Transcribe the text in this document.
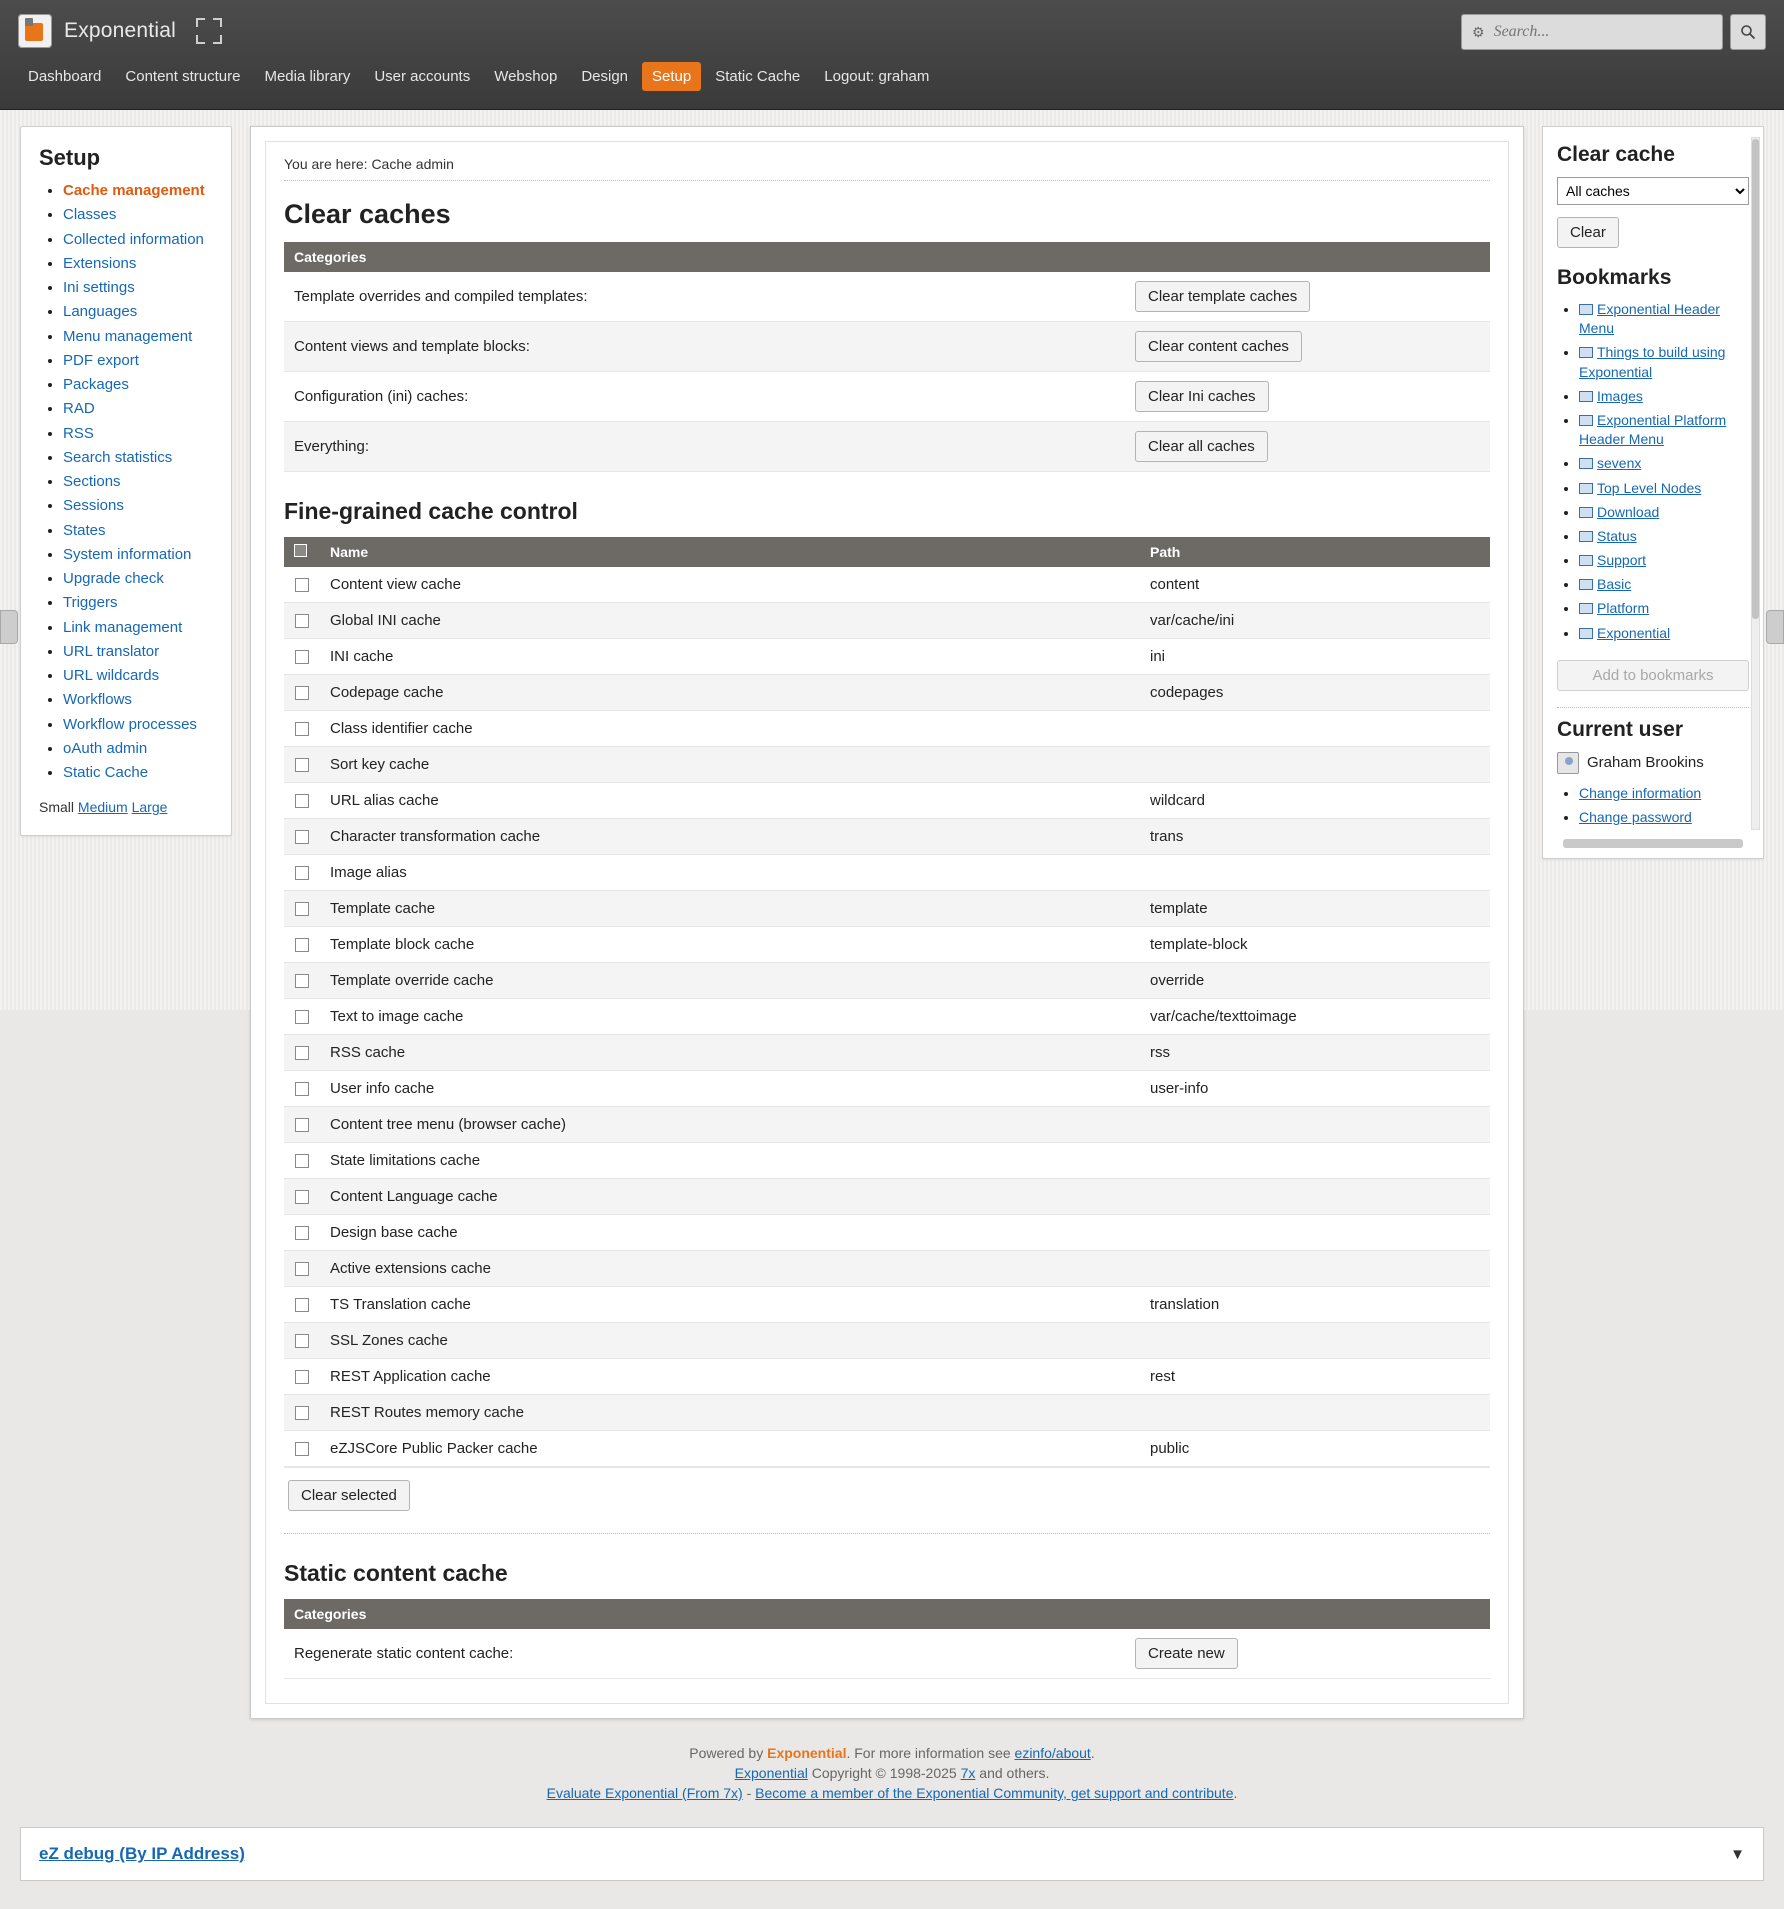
Exponential	⚙
Search...
Dashboard	Content structure	Media library	User accounts	Webshop	Design	Setup	Static Cache	Logout: graham
Setup
• Cache management
• Classes
• Collected information
• Extensions
• Ini settings
• Languages
• Menu management
• PDF export
• Packages
• RAD
• RSS
• Search statistics
• Sections
• Sessions
• States
• System information
• Upgrade check
• Triggers
• Link management
• URL translator
• URL wildcards
• Workflows
• Workflow processes
• oAuth admin
• Static Cache
Small Medium Large
You are here: Cache admin
Clear caches
Categories	
Template overrides and compiled templates:	Clear template caches
Content views and template blocks:	Clear content caches
Configuration (ini) caches:	Clear Ini caches
Everything:	Clear all caches
Fine-grained cache control
	Name	Path
	Content view cache	content
	Global INI cache	var/cache/ini
	INI cache	ini
	Codepage cache	codepages
	Class identifier cache	
	Sort key cache	
	URL alias cache	wildcard
	Character transformation cache	trans
	Image alias	
	Template cache	template
	Template block cache	template-block
	Template override cache	override
	Text to image cache	var/cache/texttoimage
	RSS cache	rss
	User info cache	user-info
	Content tree menu (browser cache)	
	State limitations cache	
	Content Language cache	
	Design base cache	
	Active extensions cache	
	TS Translation cache	translation
	SSL Zones cache	
	REST Application cache	rest
	REST Routes memory cache	
	eZJSCore Public Packer cache	public
Clear selected
Static content cache
Categories	
Regenerate static content cache:	Create new
Clear cache
All caches Clear
Bookmarks
• Exponential Header Menu
• Things to build using Exponential
• Images
• Exponential Platform Header Menu
• sevenx
• Top Level Nodes
• Download
• Status
• Support
• Basic
• Platform
• Exponential
Add to bookmarks
Current user
Graham Brookins
• Change information
• Change password
Powered by Exponential. For more information see ezinfo/about.
Exponential Copyright © 1998-2025 7x and others.
Evaluate Exponential (From 7x) - Become a member of the Exponential Community, get support and contribute.
eZ debug (By IP Address)	▼
